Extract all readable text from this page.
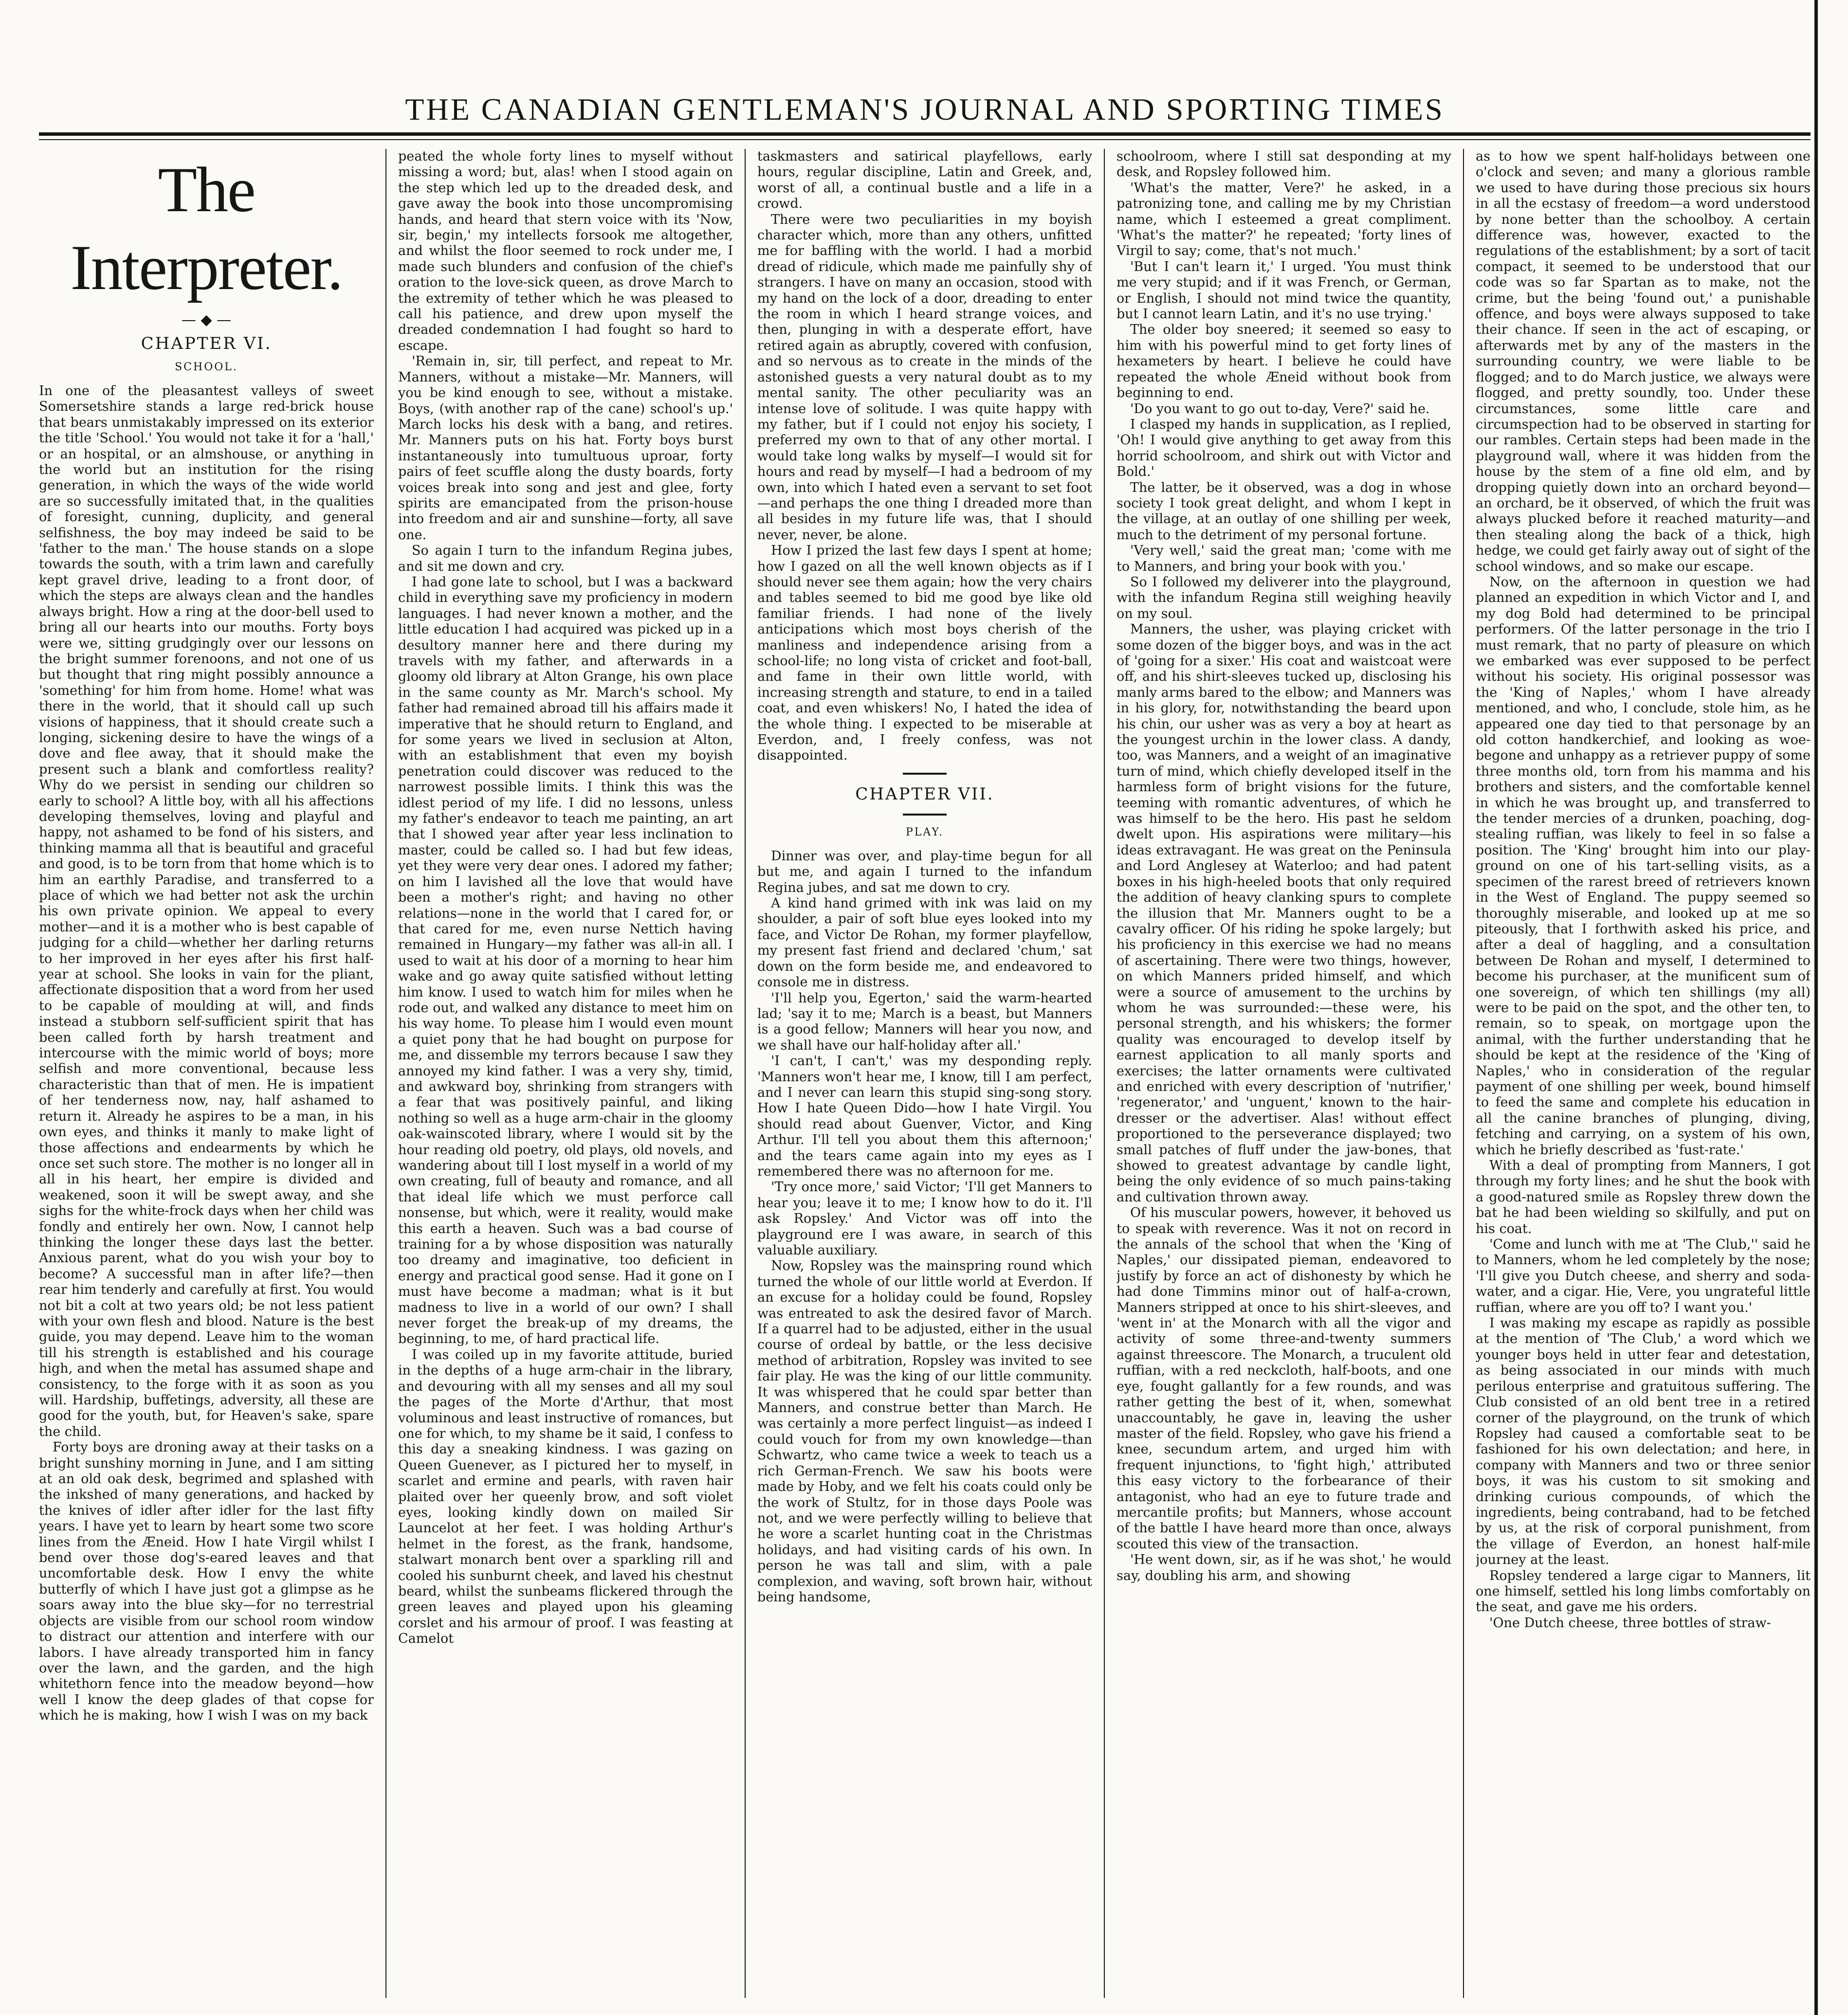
THE CANADIAN GENTLEMAN'S JOURNAL AND SPORTING TIMES
The Interpreter.
— ◆ —
CHAPTER VI.
SCHOOL.

In one of the pleasantest valleys of sweet Somersetshire stands a large red-brick house that bears unmistakably impressed on its exterior the title 'School.' You would not take it for a 'hall,' or an hospital, or an almshouse, or anything in the world but an institution for the rising generation, in which the ways of the wide world are so successfully imitated that, in the qualities of foresight, cunning, duplicity, and general selfishness, the boy may indeed be said to be 'father to the man.' The house stands on a slope towards the south, with a trim lawn and carefully kept gravel drive, leading to a front door, of which the steps are always clean and the handles always bright. How a ring at the door-bell used to bring all our hearts into our mouths. Forty boys were we, sitting grudgingly over our lessons on the bright summer forenoons, and not one of us but thought that ring might possibly announce a 'something' for him from home. Home! what was there in the world, that it should call up such visions of happiness, that it should create such a longing, sickening desire to have the wings of a dove and flee away, that it should make the present such a blank and comfortless reality? Why do we persist in sending our children so early to school? A little boy, with all his affections developing themselves, loving and playful and happy, not ashamed to be fond of his sisters, and thinking mamma all that is beautiful and graceful and good, is to be torn from that home which is to him an earthly Paradise, and transferred to a place of which we had better not ask the urchin his own private opinion. We appeal to every mother—and it is a mother who is best capable of judging for a child—whether her darling returns to her improved in her eyes after his first half-year at school. She looks in vain for the pliant, affectionate disposition that a word from her used to be capable of moulding at will, and finds instead a stubborn self-sufficient spirit that has been called forth by harsh treatment and intercourse with the mimic world of boys; more selfish and more conventional, because less characteristic than that of men. He is impatient of her tenderness now, nay, half ashamed to return it. Already he aspires to be a man, in his own eyes, and thinks it manly to make light of those affections and endearments by which he once set such store. The mother is no longer all in all in his heart, her empire is divided and weakened, soon it will be swept away, and she sighs for the white-frock days when her child was fondly and entirely her own. Now, I cannot help thinking the longer these days last the better. Anxious parent, what do you wish your boy to become? A successful man in after life?—then rear him tenderly and carefully at first. You would not bit a colt at two years old; be not less patient with your own flesh and blood. Nature is the best guide, you may depend. Leave him to the woman till his strength is established and his courage high, and when the metal has assumed shape and consistency, to the forge with it as soon as you will. Hardship, buffetings, adversity, all these are good for the youth, but, for Heaven's sake, spare the child.

Forty boys are droning away at their tasks on a bright sunshiny morning in June, and I am sitting at an old oak desk, begrimed and splashed with the inkshed of many generations, and hacked by the knives of idler after idler for the last fifty years. I have yet to learn by heart some two score lines from the Æneid. How I hate Virgil whilst I bend over those dog's-eared leaves and that uncomfortable desk. How I envy the white butterfly of which I have just got a glimpse as he soars away into the blue sky—for no terrestrial objects are visible from our school room window to distract our attention and interfere with our labors. I have already transported him in fancy over the lawn, and the garden, and the high whitethorn fence into the meadow beyond—how well I know the deep glades of that copse for which he is making, how I wish I was on my back

peated the whole forty lines to myself without missing a word; but, alas! when I stood again on the step which led up to the dreaded desk, and gave away the book into those uncompromising hands, and heard that stern voice with its 'Now, sir, begin,' my intellects forsook me altogether, and whilst the floor seemed to rock under me, I made such blunders and confusion of the chief's oration to the love-sick queen, as drove March to the extremity of tether which he was pleased to call his patience, and drew upon myself the dreaded condemnation I had fought so hard to escape.

'Remain in, sir, till perfect, and repeat to Mr. Manners, without a mistake—Mr. Manners, will you be kind enough to see, without a mistake. Boys, (with another rap of the cane) school's up.' March locks his desk with a bang, and retires. Mr. Manners puts on his hat. Forty boys burst instantaneously into tumultuous uproar, forty pairs of feet scuffle along the dusty boards, forty voices break into song and jest and glee, forty spirits are emancipated from the prison-house into freedom and air and sunshine—forty, all save one.

So again I turn to the infandum Regina jubes, and sit me down and cry.

I had gone late to school, but I was a backward child in everything save my proficiency in modern languages. I had never known a mother, and the little education I had acquired was picked up in a desultory manner here and there during my travels with my father, and afterwards in a gloomy old library at Alton Grange, his own place in the same county as Mr. March's school. My father had remained abroad till his affairs made it imperative that he should return to England, and for some years we lived in seclusion at Alton, with an establishment that even my boyish penetration could discover was reduced to the narrowest possible limits. I think this was the idlest period of my life. I did no lessons, unless my father's endeavor to teach me painting, an art that I showed year after year less inclination to master, could be called so. I had but few ideas, yet they were very dear ones. I adored my father; on him I lavished all the love that would have been a mother's right; and having no other relations—none in the world that I cared for, or that cared for me, even nurse Nettich having remained in Hungary—my father was all-in all. I used to wait at his door of a morning to hear him wake and go away quite satisfied without letting him know. I used to watch him for miles when he rode out, and walked any distance to meet him on his way home. To please him I would even mount a quiet pony that he had bought on purpose for me, and dissemble my terrors because I saw they annoyed my kind father. I was a very shy, timid, and awkward boy, shrinking from strangers with a fear that was positively painful, and liking nothing so well as a huge arm-chair in the gloomy oak-wainscoted library, where I would sit by the hour reading old poetry, old plays, old novels, and wandering about till I lost myself in a world of my own creating, full of beauty and romance, and all that ideal life which we must perforce call nonsense, but which, were it reality, would make this earth a heaven. Such was a bad course of training for a by whose disposition was naturally too dreamy and imaginative, too deficient in energy and practical good sense. Had it gone on I must have become a madman; what is it but madness to live in a world of our own? I shall never forget the break-up of my dreams, the beginning, to me, of hard practical life.

I was coiled up in my favorite attitude, buried in the depths of a huge arm-chair in the library, and devouring with all my senses and all my soul the pages of the Morte d'Arthur, that most voluminous and least instructive of romances, but one for which, to my shame be it said, I confess to this day a sneaking kindness. I was gazing on Queen Guenever, as I pictured her to myself, in scarlet and ermine and pearls, with raven hair plaited over her queenly brow, and soft violet eyes, looking kindly down on mailed Sir Launcelot at her feet. I was holding Arthur's helmet in the forest, as the frank, handsome, stalwart monarch bent over a sparkling rill and cooled his sunburnt cheek, and laved his chestnut beard, whilst the sunbeams flickered through the green leaves and played upon his gleaming corslet and his armour of proof. I was feasting at Camelot

taskmasters and satirical playfellows, early hours, regular discipline, Latin and Greek, and, worst of all, a continual bustle and a life in a crowd.

There were two peculiarities in my boyish character which, more than any others, unfitted me for baffling with the world. I had a morbid dread of ridicule, which made me painfully shy of strangers. I have on many an occasion, stood with my hand on the lock of a door, dreading to enter the room in which I heard strange voices, and then, plunging in with a desperate effort, have retired again as abruptly, covered with confusion, and so nervous as to create in the minds of the astonished guests a very natural doubt as to my mental sanity. The other peculiarity was an intense love of solitude. I was quite happy with my father, but if I could not enjoy his society, I preferred my own to that of any other mortal. I would take long walks by myself—I would sit for hours and read by myself—I had a bedroom of my own, into which I hated even a servant to set foot—and perhaps the one thing I dreaded more than all besides in my future life was, that I should never, never, be alone.

How I prized the last few days I spent at home; how I gazed on all the well known objects as if I should never see them again; how the very chairs and tables seemed to bid me good bye like old familiar friends. I had none of the lively anticipations which most boys cherish of the manliness and independence arising from a school-life; no long vista of cricket and foot-ball, and fame in their own little world, with increasing strength and stature, to end in a tailed coat, and even whiskers! No, I hated the idea of the whole thing. I expected to be miserable at Everdon, and, I freely confess, was not disappointed.

CHAPTER VII.
PLAY.

Dinner was over, and play-time begun for all but me, and again I turned to the infandum Regina jubes, and sat me down to cry.

A kind hand grimed with ink was laid on my shoulder, a pair of soft blue eyes looked into my face, and Victor De Rohan, my former playfellow, my present fast friend and declared 'chum,' sat down on the form beside me, and endeavored to console me in distress.

'I'll help you, Egerton,' said the warm-hearted lad; 'say it to me; March is a beast, but Manners is a good fellow; Manners will hear you now, and we shall have our half-holiday after all.'

'I can't, I can't,' was my desponding reply. 'Manners won't hear me, I know, till I am perfect, and I never can learn this stupid sing-song story. How I hate Queen Dido—how I hate Virgil. You should read about Guenver, Victor, and King Arthur. I'll tell you about them this afternoon;' and the tears came again into my eyes as I remembered there was no afternoon for me.

'Try once more,' said Victor; 'I'll get Manners to hear you; leave it to me; I know how to do it. I'll ask Ropsley.' And Victor was off into the playground ere I was aware, in search of this valuable auxiliary.

Now, Ropsley was the mainspring round which turned the whole of our little world at Everdon. If an excuse for a holiday could be found, Ropsley was entreated to ask the desired favor of March. If a quarrel had to be adjusted, either in the usual course of ordeal by battle, or the less decisive method of arbitration, Ropsley was invited to see fair play. He was the king of our little community. It was whispered that he could spar better than Manners, and construe better than March. He was certainly a more perfect linguist—as indeed I could vouch for from my own knowledge—than Schwartz, who came twice a week to teach us a rich German-French. We saw his boots were made by Hoby, and we felt his coats could only be the work of Stultz, for in those days Poole was not, and we were perfectly willing to believe that he wore a scarlet hunting coat in the Christmas holidays, and had visiting cards of his own. In person he was tall and slim, with a pale complexion, and waving, soft brown hair, without being handsome,

schoolroom, where I still sat desponding at my desk, and Ropsley followed him.

'What's the matter, Vere?' he asked, in a patronizing tone, and calling me by my Christian name, which I esteemed a great compliment. 'What's the matter?' he repeated; 'forty lines of Virgil to say; come, that's not much.'

'But I can't learn it,' I urged. 'You must think me very stupid; and if it was French, or German, or English, I should not mind twice the quantity, but I cannot learn Latin, and it's no use trying.'

The older boy sneered; it seemed so easy to him with his powerful mind to get forty lines of hexameters by heart. I believe he could have repeated the whole Æneid without book from beginning to end.

'Do you want to go out to-day, Vere?' said he.

I clasped my hands in supplication, as I replied, 'Oh! I would give anything to get away from this horrid schoolroom, and shirk out with Victor and Bold.'

The latter, be it observed, was a dog in whose society I took great delight, and whom I kept in the village, at an outlay of one shilling per week, much to the detriment of my personal fortune.

'Very well,' said the great man; 'come with me to Manners, and bring your book with you.'

So I followed my deliverer into the playground, with the infandum Regina still weighing heavily on my soul.

Manners, the usher, was playing cricket with some dozen of the bigger boys, and was in the act of 'going for a sixer.' His coat and waistcoat were off, and his shirt-sleeves tucked up, disclosing his manly arms bared to the elbow; and Manners was in his glory, for, notwithstanding the beard upon his chin, our usher was as very a boy at heart as the youngest urchin in the lower class. A dandy, too, was Manners, and a weight of an imaginative turn of mind, which chiefly developed itself in the harmless form of bright visions for the future, teeming with romantic adventures, of which he was himself to be the hero. His past he seldom dwelt upon. His aspirations were military—his ideas extravagant. He was great on the Peninsula and Lord Anglesey at Waterloo; and had patent boxes in his high-heeled boots that only required the addition of heavy clanking spurs to complete the illusion that Mr. Manners ought to be a cavalry officer. Of his riding he spoke largely; but his proficiency in this exercise we had no means of ascertaining. There were two things, however, on which Manners prided himself, and which were a source of amusement to the urchins by whom he was surrounded:—these were, his personal strength, and his whiskers; the former quality was encouraged to develop itself by earnest application to all manly sports and exercises; the latter ornaments were cultivated and enriched with every description of 'nutrifier,' 'regenerator,' and 'unguent,' known to the hair-dresser or the advertiser. Alas! without effect proportioned to the perseverance displayed; two small patches of fluff under the jaw-bones, that showed to greatest advantage by candle light, being the only evidence of so much pains-taking and cultivation thrown away.

Of his muscular powers, however, it behoved us to speak with reverence. Was it not on record in the annals of the school that when the 'King of Naples,' our dissipated pieman, endeavored to justify by force an act of dishonesty by which he had done Timmins minor out of half-a-crown, Manners stripped at once to his shirt-sleeves, and 'went in' at the Monarch with all the vigor and activity of some three-and-twenty summers against threescore. The Monarch, a truculent old ruffian, with a red neckcloth, half-boots, and one eye, fought gallantly for a few rounds, and was rather getting the best of it, when, somewhat unaccountably, he gave in, leaving the usher master of the field. Ropsley, who gave his friend a knee, secundum artem, and urged him with frequent injunctions, to 'fight high,' attributed this easy victory to the forbearance of their antagonist, who had an eye to future trade and mercantile profits; but Manners, whose account of the battle I have heard more than once, always scouted this view of the transaction.

'He went down, sir, as if he was shot,' he would say, doubling his arm, and showing

as to how we spent half-holidays between one o'clock and seven; and many a glorious ramble we used to have during those precious six hours in all the ecstasy of freedom—a word understood by none better than the schoolboy. A certain difference was, however, exacted to the regulations of the establishment; by a sort of tacit compact, it seemed to be understood that our code was so far Spartan as to make, not the crime, but the being 'found out,' a punishable offence, and boys were always supposed to take their chance. If seen in the act of escaping, or afterwards met by any of the masters in the surrounding country, we were liable to be flogged; and to do March justice, we always were flogged, and pretty soundly, too. Under these circumstances, some little care and circumspection had to be observed in starting for our rambles. Certain steps had been made in the playground wall, where it was hidden from the house by the stem of a fine old elm, and by dropping quietly down into an orchard beyond—an orchard, be it observed, of which the fruit was always plucked before it reached maturity—and then stealing along the back of a thick, high hedge, we could get fairly away out of sight of the school windows, and so make our escape.

Now, on the afternoon in question we had planned an expedition in which Victor and I, and my dog Bold had determined to be principal performers. Of the latter personage in the trio I must remark, that no party of pleasure on which we embarked was ever supposed to be perfect without his society. His original possessor was the 'King of Naples,' whom I have already mentioned, and who, I conclude, stole him, as he appeared one day tied to that personage by an old cotton handkerchief, and looking as woe-begone and unhappy as a retriever puppy of some three months old, torn from his mamma and his brothers and sisters, and the comfortable kennel in which he was brought up, and transferred to the tender mercies of a drunken, poaching, dog-stealing ruffian, was likely to feel in so false a position. The 'King' brought him into our play-ground on one of his tart-selling visits, as a specimen of the rarest breed of retrievers known in the West of England. The puppy seemed so thoroughly miserable, and looked up at me so piteously, that I forthwith asked his price, and after a deal of haggling, and a consultation between De Rohan and myself, I determined to become his purchaser, at the munificent sum of one sovereign, of which ten shillings (my all) were to be paid on the spot, and the other ten, to remain, so to speak, on mortgage upon the animal, with the further understanding that he should be kept at the residence of the 'King of Naples,' who in consideration of the regular payment of one shilling per week, bound himself to feed the same and complete his education in all the canine branches of plunging, diving, fetching and carrying, on a system of his own, which he briefly described as 'fust-rate.'

With a deal of prompting from Manners, I got through my forty lines; and he shut the book with a good-natured smile as Ropsley threw down the bat he had been wielding so skilfully, and put on his coat.

'Come and lunch with me at 'The Club,'' said he to Manners, whom he led completely by the nose; 'I'll give you Dutch cheese, and sherry and soda-water, and a cigar. Hie, Vere, you ungrateful little ruffian, where are you off to? I want you.'

I was making my escape as rapidly as possible at the mention of 'The Club,' a word which we younger boys held in utter fear and detestation, as being associated in our minds with much perilous enterprise and gratuitous suffering. The Club consisted of an old bent tree in a retired corner of the playground, on the trunk of which Ropsley had caused a comfortable seat to be fashioned for his own delectation; and here, in company with Manners and two or three senior boys, it was his custom to sit smoking and drinking curious compounds, of which the ingredients, being contraband, had to be fetched by us, at the risk of corporal punishment, from the village of Everdon, an honest half-mile journey at the least.

Ropsley tendered a large cigar to Manners, lit one himself, settled his long limbs comfortably on the seat, and gave me his orders.

'One Dutch cheese, three bottles of straw-
